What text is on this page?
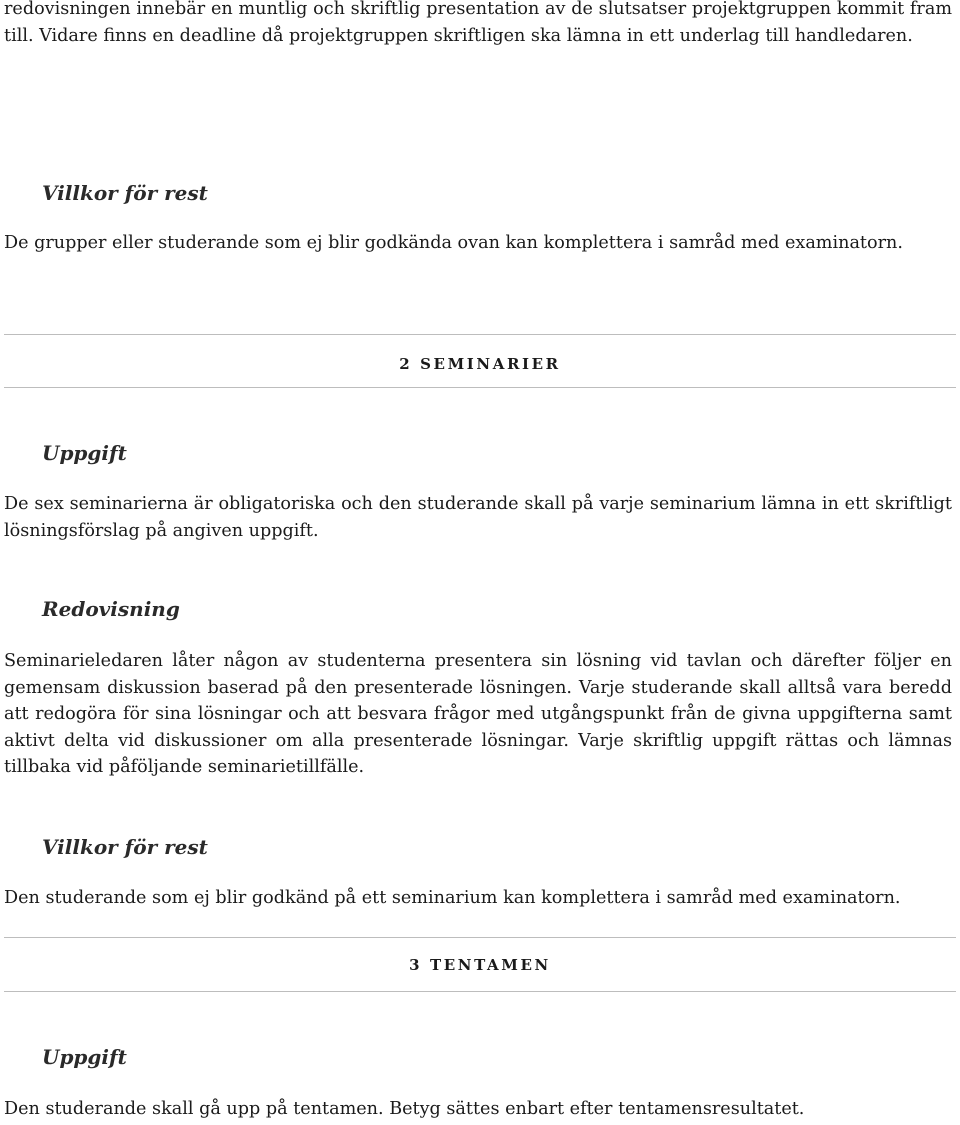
redovisningen innebär en muntlig och skriftlig presentation av de slutsatser projektgruppen kommit fram till. Vidare finns en deadline då projektgruppen skriftligen ska lämna in ett underlag till handledaren.

Villkor för rest

De grupper eller studerande som ej blir godkända ovan kan komplettera i samråd med examinatorn.

2 SEMINARIER
Uppgift

De sex seminarierna är obligatoriska och den studerande skall på varje seminarium lämna in ett skriftligt lösningsförslag på angiven uppgift.

Redovisning

Seminarieledaren låter någon av studenterna presentera sin lösning vid tavlan och därefter följer en gemensam diskussion baserad på den presenterade lösningen. Varje studerande skall alltså vara beredd att redogöra för sina lösningar och att besvara frågor med utgångspunkt från de givna uppgifterna samt aktivt delta vid diskussioner om alla presenterade lösningar. Varje skriftlig uppgift rättas och lämnas tillbaka vid påföljande seminarietillfälle.

Villkor för rest

Den studerande som ej blir godkänd på ett seminarium kan komplettera i samråd med examinatorn.

3 TENTAMEN
Uppgift

Den studerande skall gå upp på tentamen. Betyg sättes enbart efter tentamensresultatet.
